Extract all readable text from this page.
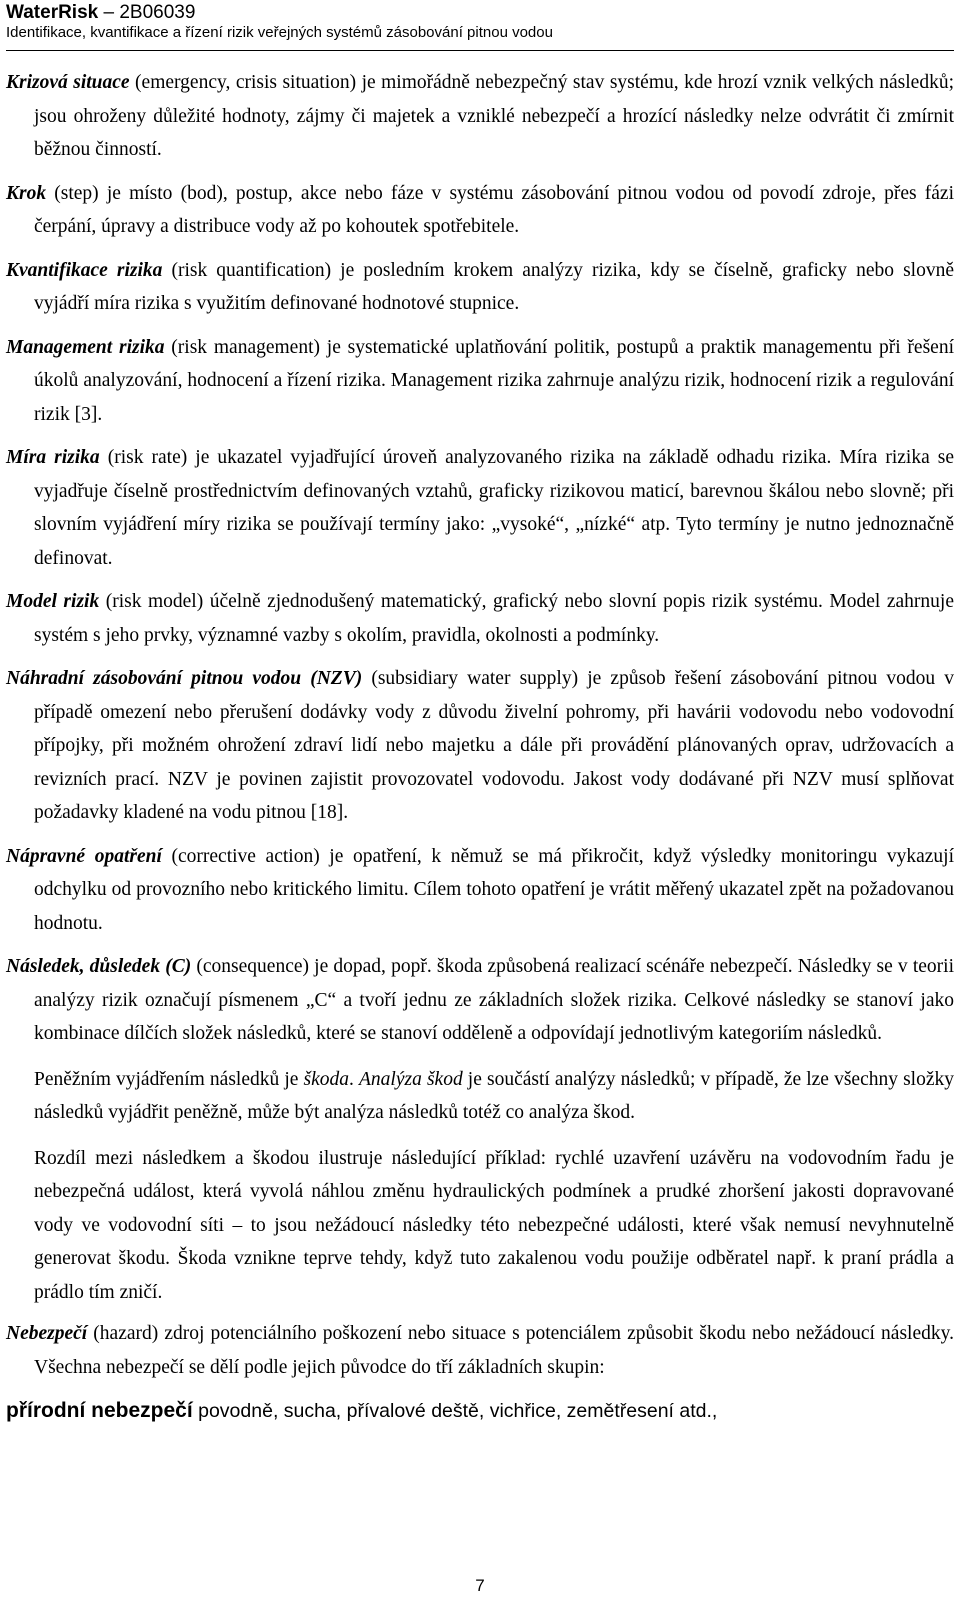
WaterRisk – 2B06039
Identifikace, kvantifikace a řízení rizik veřejných systémů zásobování pitnou vodou

Krizová situace (emergency, crisis situation) je mimořádně nebezpečný stav systému, kde hrozí vznik velkých následků; jsou ohroženy důležité hodnoty, zájmy či majetek a vzniklé nebezpečí a hrozící následky nelze odvrátit či zmírnit běžnou činností.

Krok (step) je místo (bod), postup, akce nebo fáze v systému zásobování pitnou vodou od povodí zdroje, přes fázi čerpání, úpravy a distribuce vody až po kohoutek spotřebitele.

Kvantifikace rizika (risk quantification) je posledním krokem analýzy rizika, kdy se číselně, graficky nebo slovně vyjádří míra rizika s využitím definované hodnotové stupnice.

Management rizika (risk management) je systematické uplatňování politik, postupů a praktik managementu při řešení úkolů analyzování, hodnocení a řízení rizika. Management rizika zahrnuje analýzu rizik, hodnocení rizik a regulování rizik [3].

Míra rizika (risk rate) je ukazatel vyjadřující úroveň analyzovaného rizika na základě odhadu rizika. Míra rizika se vyjadřuje číselně prostřednictvím definovaných vztahů, graficky rizikovou maticí, barevnou škálou nebo slovně; při slovním vyjádření míry rizika se používají termíny jako: „vysoké“, „nízké“ atp. Tyto termíny je nutno jednoznačně definovat.

Model rizik (risk model) účelně zjednodušený matematický, grafický nebo slovní popis rizik systému. Model zahrnuje systém s jeho prvky, významné vazby s okolím, pravidla, okolnosti a podmínky.

Náhradní zásobování pitnou vodou (NZV) (subsidiary water supply) je způsob řešení zásobování pitnou vodou v případě omezení nebo přerušení dodávky vody z důvodu živelní pohromy, při havárii vodovodu nebo vodovodní přípojky, při možném ohrožení zdraví lidí nebo majetku a dále při provádění plánovaných oprav, udržovacích a revizních prací. NZV je povinen zajistit provozovatel vodovodu. Jakost vody dodávané při NZV musí splňovat požadavky kladené na vodu pitnou [18].

Nápravné opatření (corrective action) je opatření, k němuž se má přikročit, když výsledky monitoringu vykazují odchylku od provozního nebo kritického limitu. Cílem tohoto opatření je vrátit měřený ukazatel zpět na požadovanou hodnotu.

Následek, důsledek (C) (consequence) je dopad, popř. škoda způsobená realizací scénáře nebezpečí. Následky se v teorii analýzy rizik označují písmenem „C“ a tvoří jednu ze základních složek rizika. Celkové následky se stanoví jako kombinace dílčích složek následků, které se stanoví odděleně a odpovídají jednotlivým kategoriím následků.

Peněžním vyjádřením následků je škoda. Analýza škod je součástí analýzy následků; v případě, že lze všechny složky následků vyjádřit peněžně, může být analýza následků totéž co analýza škod.

Rozdíl mezi následkem a škodou ilustruje následující příklad: rychlé uzavření uzávěru na vodovodním řadu je nebezpečná událost, která vyvolá náhlou změnu hydraulických podmínek a prudké zhoršení jakosti dopravované vody ve vodovodní síti – to jsou nežádoucí následky této nebezpečné události, které však nemusí nevyhnutelně generovat škodu. Škoda vznikne teprve tehdy, když tuto zakalenou vodu použije odběratel např. k praní prádla a prádlo tím zničí.

Nebezpečí (hazard) zdroj potenciálního poškození nebo situace s potenciálem způsobit škodu nebo nežádoucí následky. Všechna nebezpečí se dělí podle jejich původce do tří základních skupin:

přírodní nebezpečí povodně, sucha, přívalové deště, vichřice, zemětřesení atd.,

7
